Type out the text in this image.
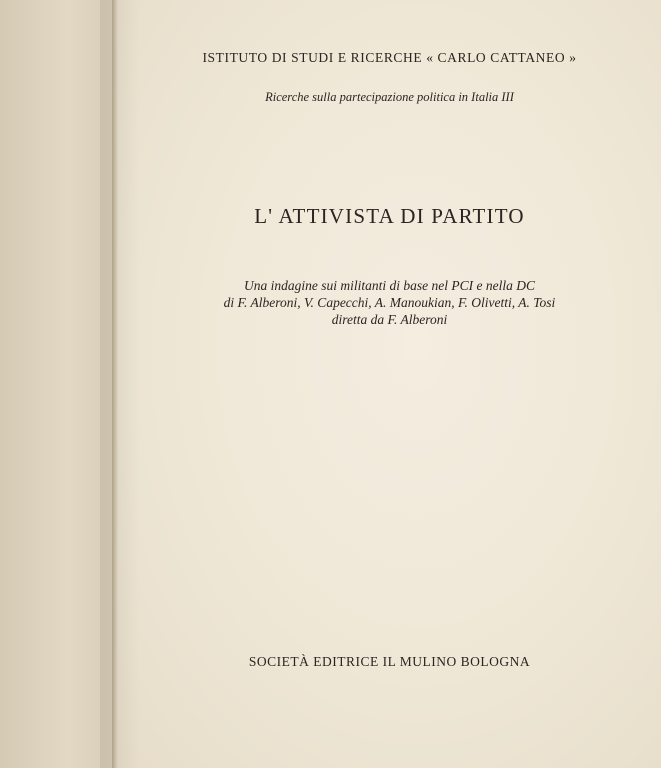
ISTITUTO DI STUDI E RICERCHE « CARLO CATTANEO »
Ricerche sulla partecipazione politica in Italia III
L' ATTIVISTA DI PARTITO
Una indagine sui militanti di base nel PCI e nella DC
di F. Alberoni, V. Capecchi, A. Manoukian, F. Olivetti, A. Tosi
diretta da F. Alberoni
SOCIETÀ EDITRICE IL MULINO BOLOGNA
